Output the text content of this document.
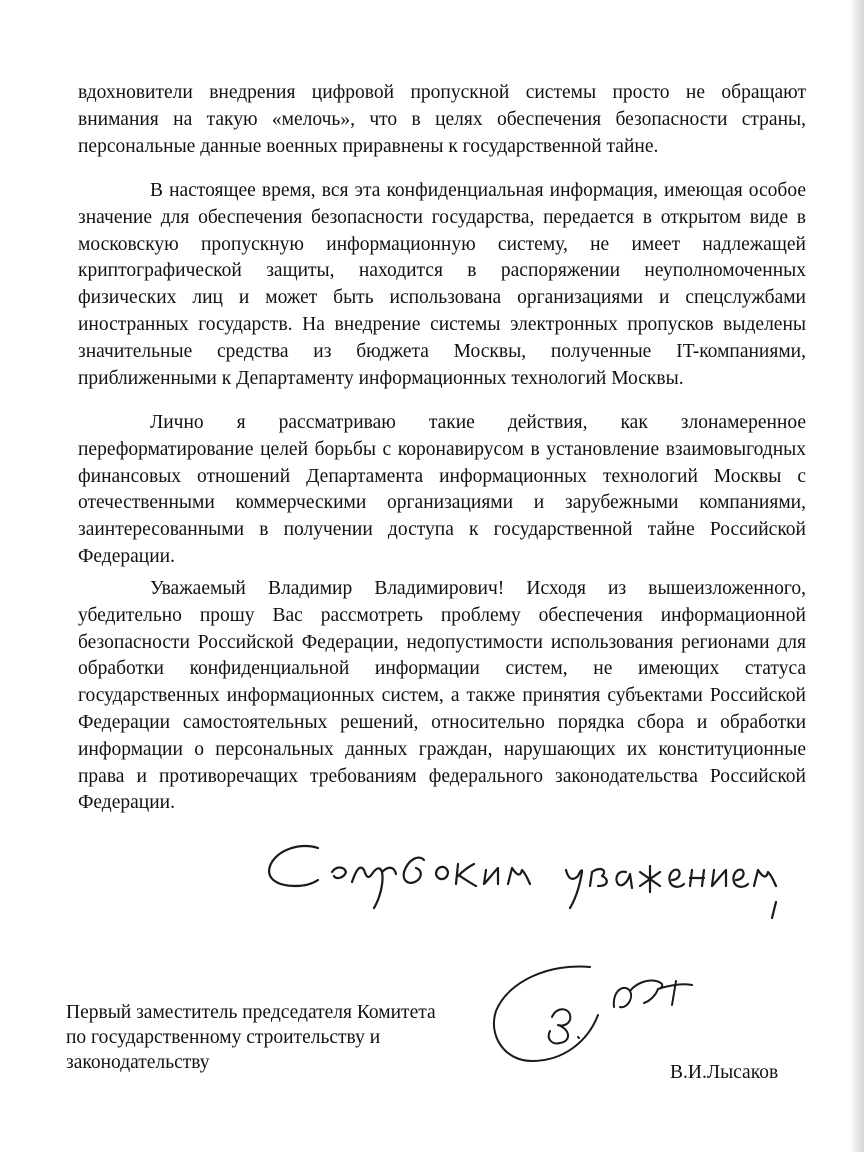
вдохновители внедрения цифровой пропускной системы просто не обращают внимания на такую «мелочь», что в целях обеспечения безопасности страны, персональные данные военных приравнены к государственной тайне.

В настоящее время, вся эта конфиденциальная информация, имеющая особое значение для обеспечения безопасности государства, передается в открытом виде в московскую пропускную информационную систему, не имеет надлежащей криптографической защиты, находится в распоряжении неуполномоченных физических лиц и может быть использована организациями и спецслужбами иностранных государств. На внедрение системы электронных пропусков выделены значительные средства из бюджета Москвы, полученные IT-компаниями, приближенными к Департаменту информационных технологий Москвы.

Лично я рассматриваю такие действия, как злонамеренное переформатирование целей борьбы с коронавирусом в установление взаимовыгодных финансовых отношений Департамента информационных технологий Москвы с отечественными коммерческими организациями и зарубежными компаниями, заинтересованными в получении доступа к государственной тайне Российской Федерации.

Уважаемый Владимир Владимирович! Исходя из вышеизложенного, убедительно прошу Вас рассмотреть проблему обеспечения информационной безопасности Российской Федерации, недопустимости использования регионами для обработки конфиденциальной информации систем, не имеющих статуса государственных информационных систем, а также принятия субъектами Российской Федерации самостоятельных решений, относительно порядка сбора и обработки информации о персональных данных граждан, нарушающих их конституционные права и противоречащих требованиям федерального законодательства Российской Федерации.

Первый заместитель председателя Комитета
по государственному строительству и
законодательству	В.И.Лысаков
